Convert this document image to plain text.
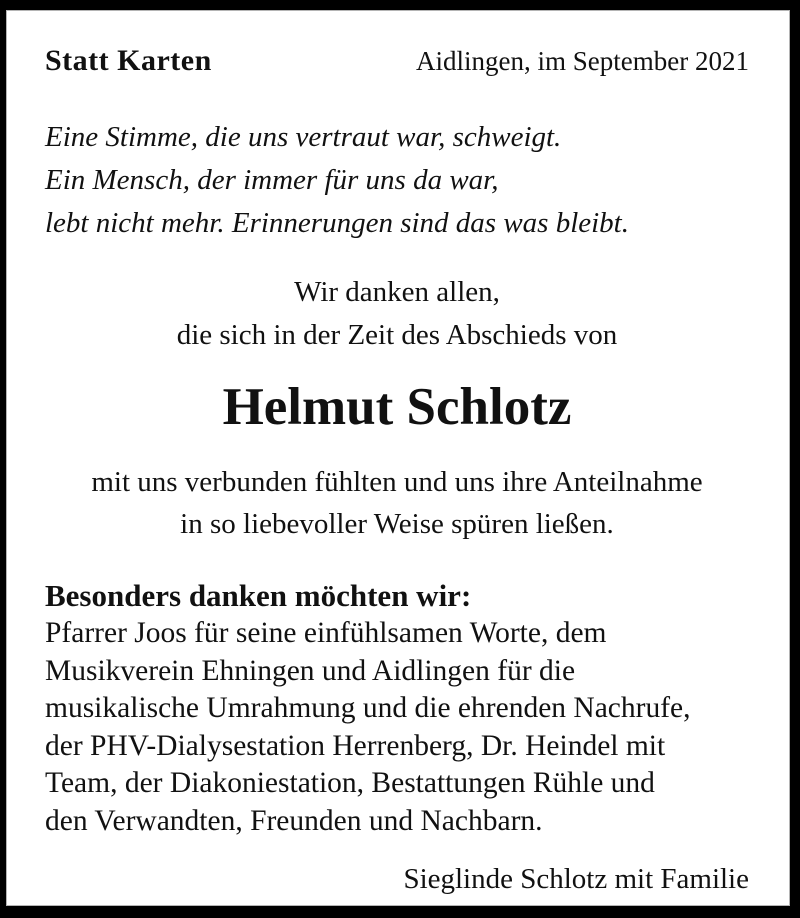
Statt Karten	Aidlingen, im September 2021
Eine Stimme, die uns vertraut war, schweigt.
Ein Mensch, der immer für uns da war,
lebt nicht mehr. Erinnerungen sind das was bleibt.
Wir danken allen,
die sich in der Zeit des Abschieds von
Helmut Schlotz
mit uns verbunden fühlten und uns ihre Anteilnahme
in so liebevoller Weise spüren ließen.
Besonders danken möchten wir:
Pfarrer Joos für seine einfühlsamen Worte, dem
Musikverein Ehningen und Aidlingen für die
musikalische Umrahmung und die ehrenden Nachrufe,
der PHV-Dialysestation Herrenberg, Dr. Heindel mit
Team, der Diakoniestation, Bestattungen Rühle und
den Verwandten, Freunden und Nachbarn.
Sieglinde Schlotz mit Familie
